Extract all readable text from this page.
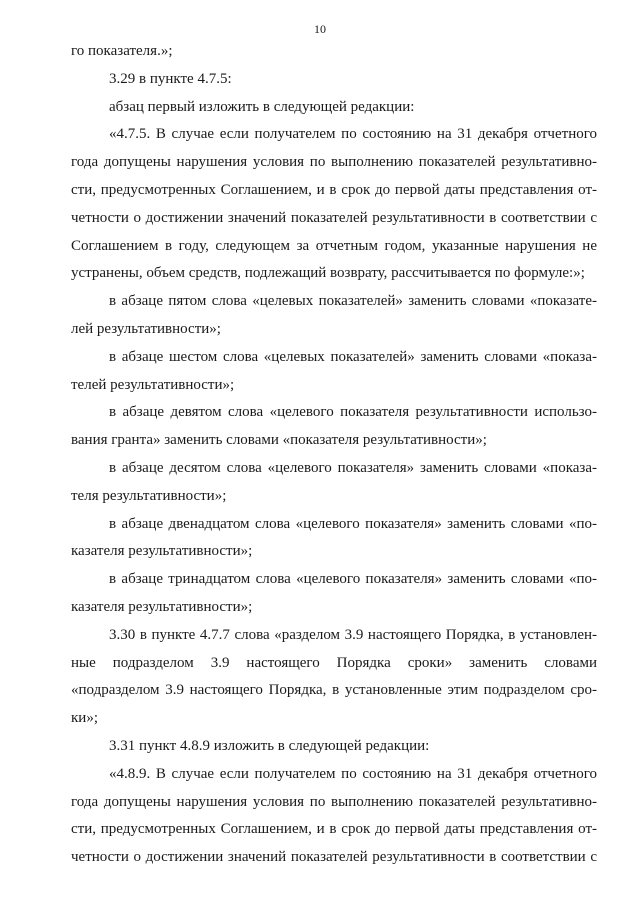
10
го показателя.»;
3.29 в пункте 4.7.5:
абзац первый изложить в следующей редакции:
«4.7.5. В случае если получателем по состоянию на 31 декабря отчетного
года допущены нарушения условия по выполнению показателей результативно-
сти, предусмотренных Соглашением, и в срок до первой даты представления от-
четности о достижении значений показателей результативности в соответствии с
Соглашением в году, следующем за отчетным годом, указанные нарушения не
устранены, объем средств, подлежащий возврату, рассчитывается по формуле:»;
в абзаце пятом слова «целевых показателей» заменить словами «показате-
лей результативности»;
в абзаце шестом слова «целевых показателей» заменить словами «показа-
телей результативности»;
в абзаце девятом слова «целевого показателя результативности использо-
вания гранта» заменить словами «показателя результативности»;
в абзаце десятом слова «целевого показателя» заменить словами «показа-
теля результативности»;
в абзаце двенадцатом слова «целевого показателя» заменить словами «по-
казателя результативности»;
в абзаце тринадцатом слова «целевого показателя» заменить словами «по-
казателя результативности»;
3.30 в пункте 4.7.7 слова «разделом 3.9 настоящего Порядка, в установлен-
ные подразделом 3.9 настоящего Порядка сроки» заменить словами
«подразделом 3.9 настоящего Порядка, в установленные этим подразделом сро-
ки»;
3.31 пункт 4.8.9 изложить в следующей редакции:
«4.8.9. В случае если получателем по состоянию на 31 декабря отчетного
года допущены нарушения условия по выполнению показателей результативно-
сти, предусмотренных Соглашением, и в срок до первой даты представления от-
четности о достижении значений показателей результативности в соответствии с
